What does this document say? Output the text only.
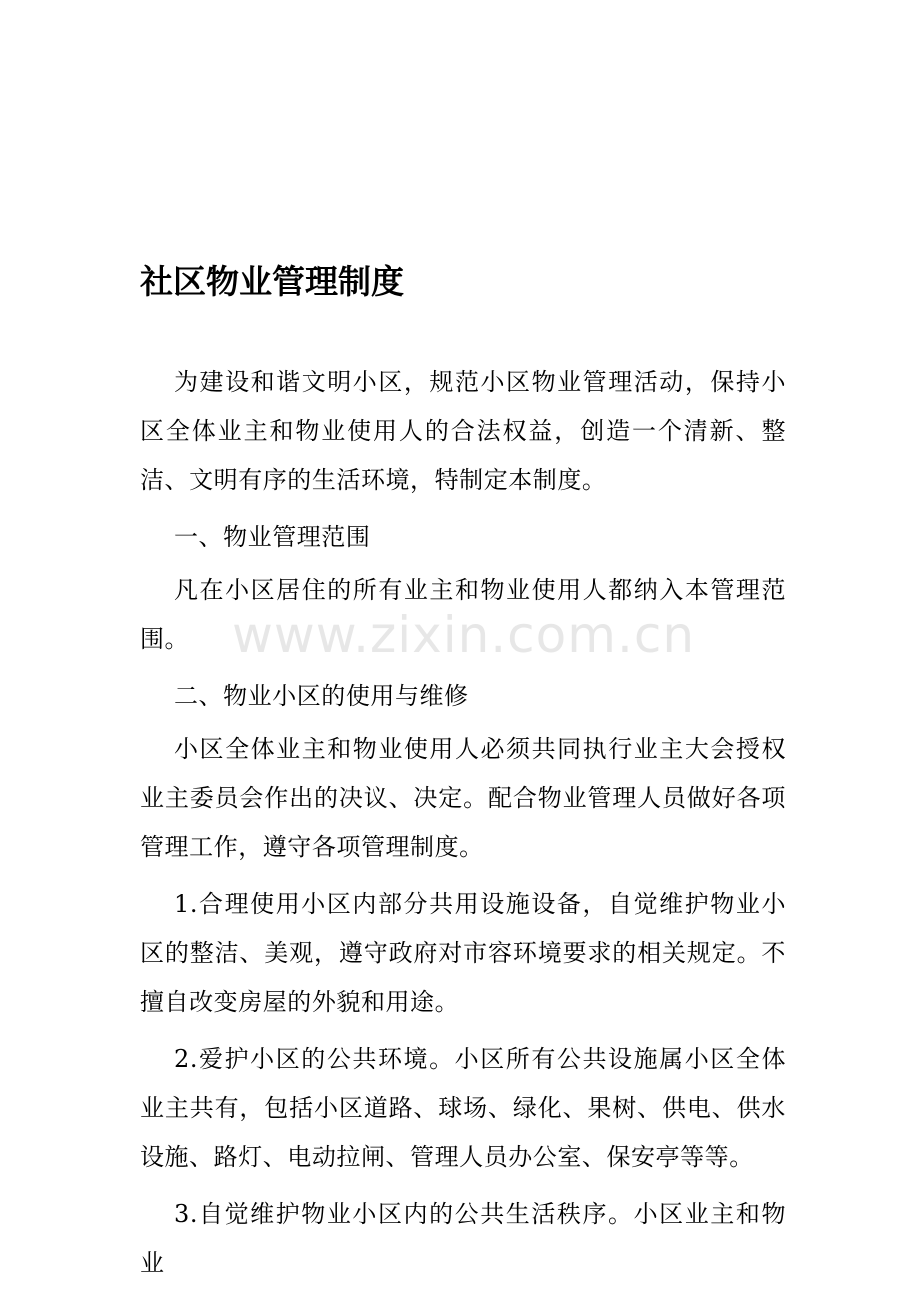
社区物业管理制度

为建设和谐文明小区，规范小区物业管理活动，保持小区全体业主和物业使用人的合法权益，创造一个清新、整洁、文明有序的生活环境，特制定本制度。

一、物业管理范围

凡在小区居住的所有业主和物业使用人都纳入本管理范围。

二、物业小区的使用与维修

小区全体业主和物业使用人必须共同执行业主大会授权业主委员会作出的决议、决定。配合物业管理人员做好各项管理工作，遵守各项管理制度。

1.合理使用小区内部分共用设施设备，自觉维护物业小区的整洁、美观，遵守政府对市容环境要求的相关规定。不擅自改变房屋的外貌和用途。

2.爱护小区的公共环境。小区所有公共设施属小区全体业主共有，包括小区道路、球场、绿化、果树、供电、供水设施、路灯、电动拉闸、管理人员办公室、保安亭等等。

3.自觉维护物业小区内的公共生活秩序。小区业主和物业

www.zixin.com.cn
